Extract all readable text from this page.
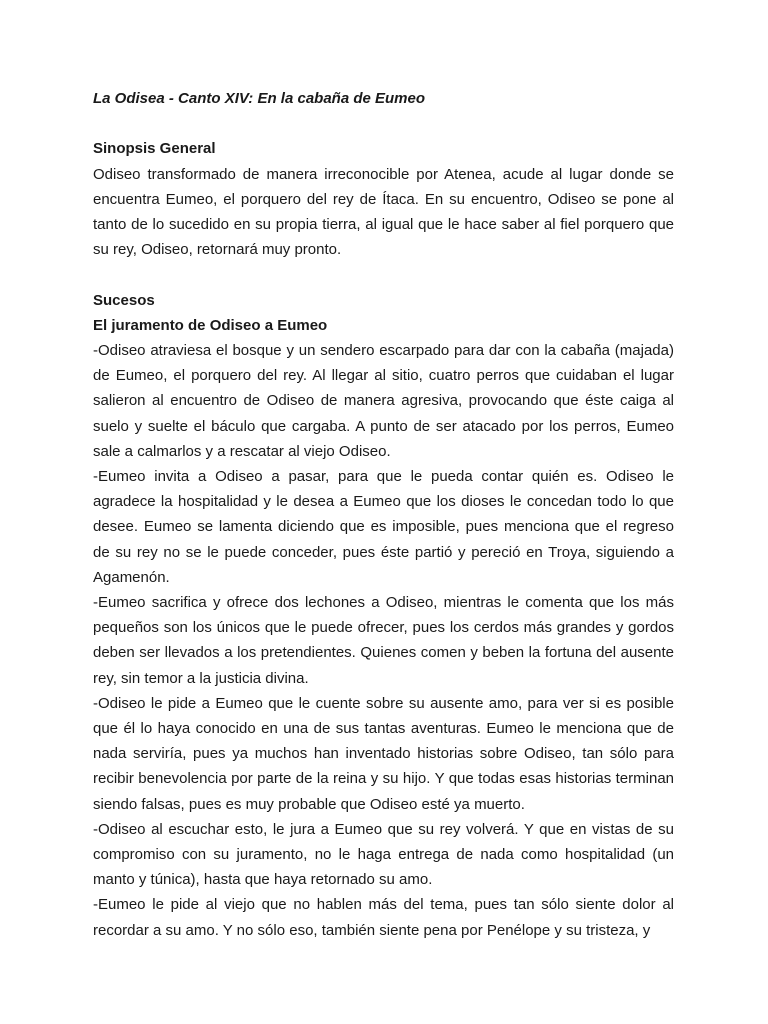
La Odisea - Canto XIV: En la cabaña de Eumeo

Sinopsis General

Odiseo transformado de manera irreconocible por Atenea, acude al lugar donde se encuentra Eumeo, el porquero del rey de Ítaca. En su encuentro, Odiseo se pone al tanto de lo sucedido en su propia tierra, al igual que le hace saber al fiel porquero que su rey, Odiseo, retornará muy pronto.

Sucesos

El juramento de Odiseo a Eumeo

-Odiseo atraviesa el bosque y un sendero escarpado para dar con la cabaña (majada) de Eumeo, el porquero del rey. Al llegar al sitio, cuatro perros que cuidaban el lugar salieron al encuentro de Odiseo de manera agresiva, provocando que éste caiga al suelo y suelte el báculo que cargaba. A punto de ser atacado por los perros, Eumeo sale a calmarlos y a rescatar al viejo Odiseo.

-Eumeo invita a Odiseo a pasar, para que le pueda contar quién es. Odiseo le agradece la hospitalidad y le desea a Eumeo que los dioses le concedan todo lo que desee. Eumeo se lamenta diciendo que es imposible, pues menciona que el regreso de su rey no se le puede conceder, pues éste partió y pereció en Troya, siguiendo a Agamenón.

-Eumeo sacrifica y ofrece dos lechones a Odiseo, mientras le comenta que los más pequeños son los únicos que le puede ofrecer, pues los cerdos más grandes y gordos deben ser llevados a los pretendientes. Quienes comen y beben la fortuna del ausente rey, sin temor a la justicia divina.

-Odiseo le pide a Eumeo que le cuente sobre su ausente amo, para ver si es posible que él lo haya conocido en una de sus tantas aventuras. Eumeo le menciona que de nada serviría, pues ya muchos han inventado historias sobre Odiseo, tan sólo para recibir benevolencia por parte de la reina y su hijo. Y que todas esas historias terminan siendo falsas, pues es muy probable que Odiseo esté ya muerto.

-Odiseo al escuchar esto, le jura a Eumeo que su rey volverá. Y que en vistas de su compromiso con su juramento, no le haga entrega de nada como hospitalidad (un manto y túnica), hasta que haya retornado su amo.

-Eumeo le pide al viejo que no hablen más del tema, pues tan sólo siente dolor al recordar a su amo. Y no sólo eso, también siente pena por Penélope y su tristeza, y
